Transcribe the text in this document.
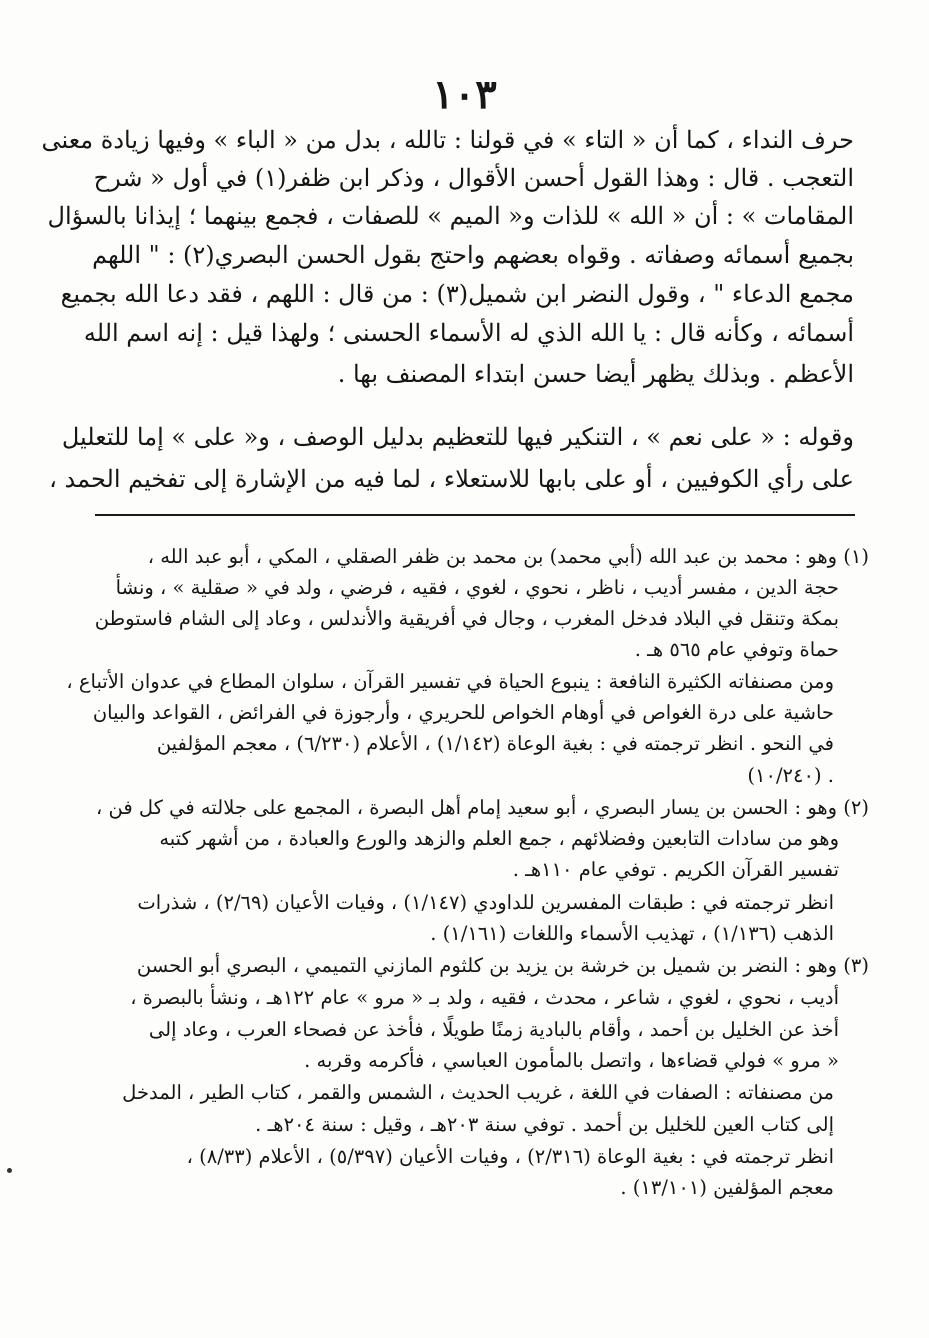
١٠٣
حرف النداء ، كما أن « التاء » في قولنا : تالله ، بدل من « الباء » وفيها زيادة معنى
التعجب . قال : وهذا القول أحسن الأقوال ، وذكر ابن ظفر(١) في أول « شرح
المقامات » : أن « الله » للذات و« الميم » للصفات ، فجمع بينهما ؛ إيذانا بالسؤال
بجميع أسمائه وصفاته . وقواه بعضهم واحتج بقول الحسن البصري(٢) : " اللهم
مجمع الدعاء " ، وقول النضر ابن شميل(٣) : من قال : اللهم ، فقد دعا الله بجميع
أسمائه ، وكأنه قال : يا الله الذي له الأسماء الحسنى ؛ ولهذا قيل : إنه اسم الله
الأعظم . وبذلك يظهر أيضا حسن ابتداء المصنف بها .
وقوله : « على نعم » ، التنكير فيها للتعظيم بدليل الوصف ، و« على » إما للتعليل
على رأي الكوفيين ، أو على بابها للاستعلاء ، لما فيه من الإشارة إلى تفخيم الحمد ،
(١) وهو : محمد بن عبد الله (أبي محمد) بن محمد بن ظفر الصقلي ، المكي ، أبو عبد الله ،
حجة الدين ، مفسر أديب ، ناظر ، نحوي ، لغوي ، فقيه ، فرضي ، ولد في « صقلية » ، ونشأ
بمكة وتنقل في البلاد فدخل المغرب ، وجال في أفريقية والأندلس ، وعاد إلى الشام فاستوطن
حماة وتوفي عام ٥٦٥ هـ .
ومن مصنفاته الكثيرة النافعة : ينبوع الحياة في تفسير القرآن ، سلوان المطاع في عدوان الأتباع ،
حاشية على درة الغواص في أوهام الخواص للحريري ، وأرجوزة في الفرائض ، القواعد والبيان
في النحو . انظر ترجمته في : بغية الوعاة (١/١٤٢) ، الأعلام (٦/٢٣٠) ، معجم المؤلفين
(١٠/٢٤٠) .
(٢) وهو : الحسن بن يسار البصري ، أبو سعيد إمام أهل البصرة ، المجمع على جلالته في كل فن ،
وهو من سادات التابعين وفضلائهم ، جمع العلم والزهد والورع والعبادة ، من أشهر كتبه
تفسير القرآن الكريم . توفي عام ١١٠هـ .
انظر ترجمته في : طبقات المفسرين للداودي (١/١٤٧) ، وفيات الأعيان (٢/٦٩) ، شذرات
الذهب (١/١٣٦) ، تهذيب الأسماء واللغات (١/١٦١) .
(٣) وهو : النضر بن شميل بن خرشة بن يزيد بن كلثوم المازني التميمي ، البصري أبو الحسن
أديب ، نحوي ، لغوي ، شاعر ، محدث ، فقيه ، ولد بـ « مرو » عام ١٢٢هـ ، ونشأ بالبصرة ،
أخذ عن الخليل بن أحمد ، وأقام بالبادية زمنًا طويلًا ، فأخذ عن فصحاء العرب ، وعاد إلى
« مرو » فولي قضاءها ، واتصل بالمأمون العباسي ، فأكرمه وقربه .
من مصنفاته : الصفات في اللغة ، غريب الحديث ، الشمس والقمر ، كتاب الطير ، المدخل
إلى كتاب العين للخليل بن أحمد . توفي سنة ٢٠٣هـ ، وقيل : سنة ٢٠٤هـ .
انظر ترجمته في : بغية الوعاة (٢/٣١٦) ، وفيات الأعيان (٥/٣٩٧) ، الأعلام (٨/٣٣) ،
معجم المؤلفين (١٣/١٠١) .
